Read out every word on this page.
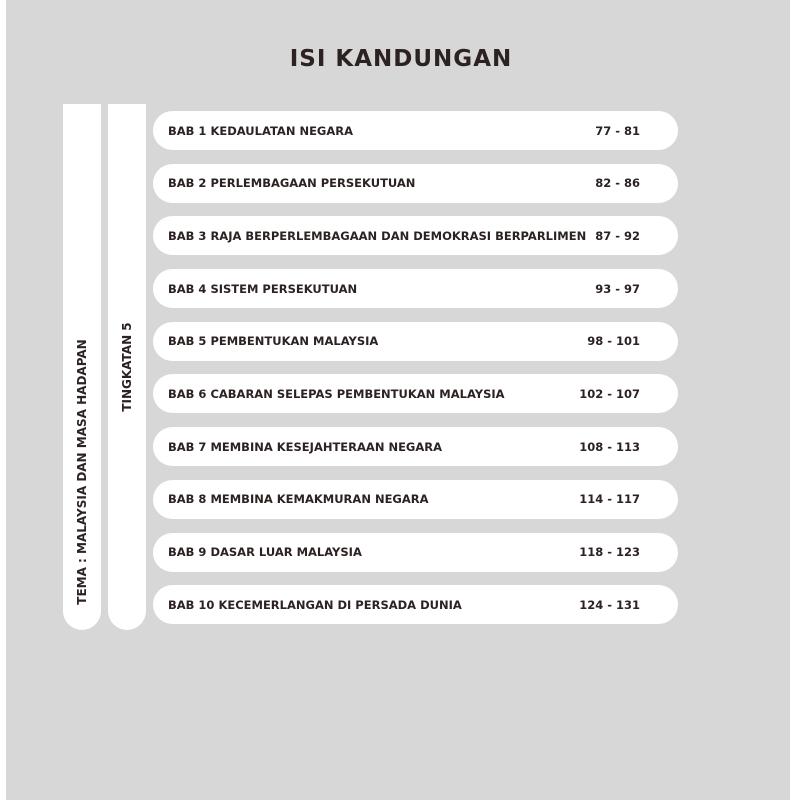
ISI KANDUNGAN
TEMA : MALAYSIA DAN MASA HADAPAN	TINGKATAN 5
BAB 1 KEDAULATAN NEGARA	77 - 81
BAB 2 PERLEMBAGAAN PERSEKUTUAN	82 - 86
BAB 3 RAJA BERPERLEMBAGAAN DAN DEMOKRASI BERPARLIMEN 87 - 92
BAB 4 SISTEM PERSEKUTUAN	93 - 97
BAB 5 PEMBENTUKAN MALAYSIA	98 - 101
BAB 6 CABARAN SELEPAS PEMBENTUKAN MALAYSIA	102 - 107
BAB 7 MEMBINA KESEJAHTERAAN NEGARA	108 - 113
BAB 8 MEMBINA KEMAKMURAN NEGARA	114 - 117
BAB 9 DASAR LUAR MALAYSIA	118 - 123
BAB 10 KECEMERLANGAN DI PERSADA DUNIA	124 - 131
